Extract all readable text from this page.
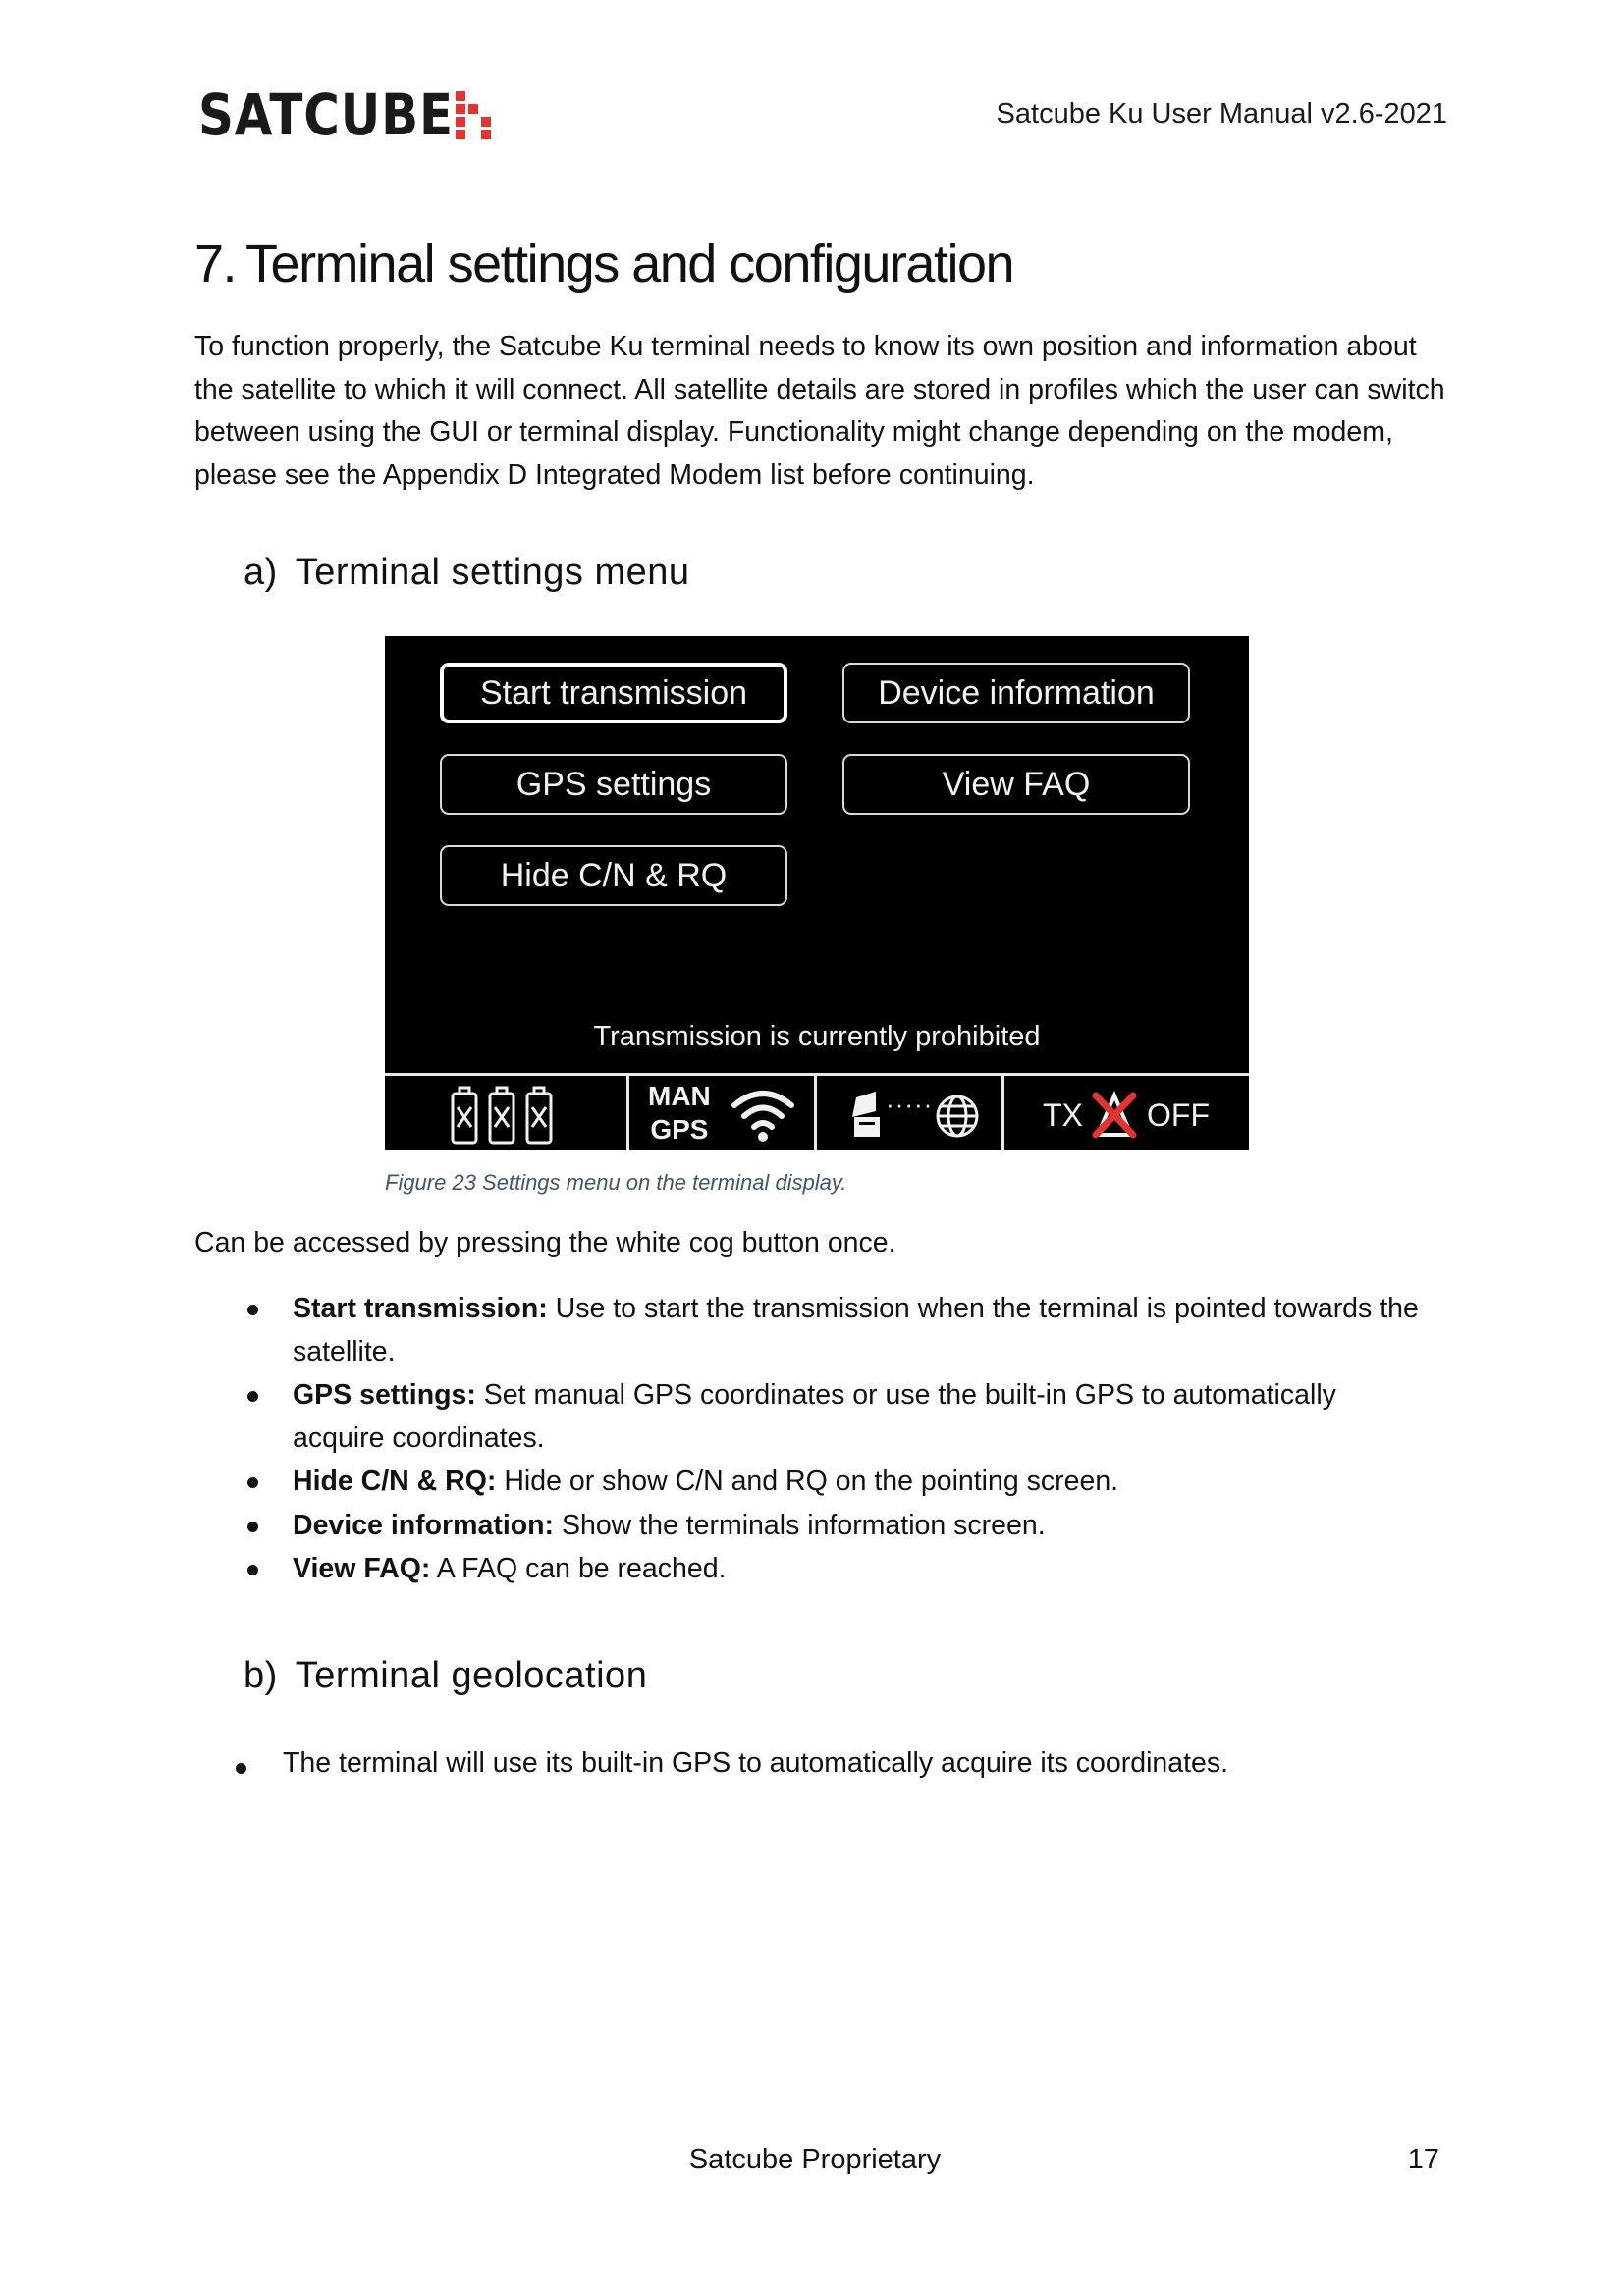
SATCUBE	Satcube Ku User Manual v2.6-2021
7. Terminal settings and configuration

To function properly, the Satcube Ku terminal needs to know its own position and information about the satellite to which it will connect. All satellite details are stored in profiles which the user can switch between using the GUI or terminal display. Functionality might change depending on the modem, please see the Appendix D Integrated Modem list before continuing.

a) Terminal settings menu
Start transmission	Device information
GPS settings	View FAQ
Hide C/N & RQ
Transmission is currently prohibited
MAN
GPS
·····	TX OFF
Figure 23 Settings menu on the terminal display.
Can be accessed by pressing the white cog button once.
Start transmission: Use to start the transmission when the terminal is pointed towards the satellite.
GPS settings: Set manual GPS coordinates or use the built-in GPS to automatically acquire coordinates.
Hide C/N & RQ: Hide or show C/N and RQ on the pointing screen.
Device information: Show the terminals information screen.
View FAQ: A FAQ can be reached.
b) Terminal geolocation
The terminal will use its built-in GPS to automatically acquire its coordinates.
Satcube Proprietary	17
